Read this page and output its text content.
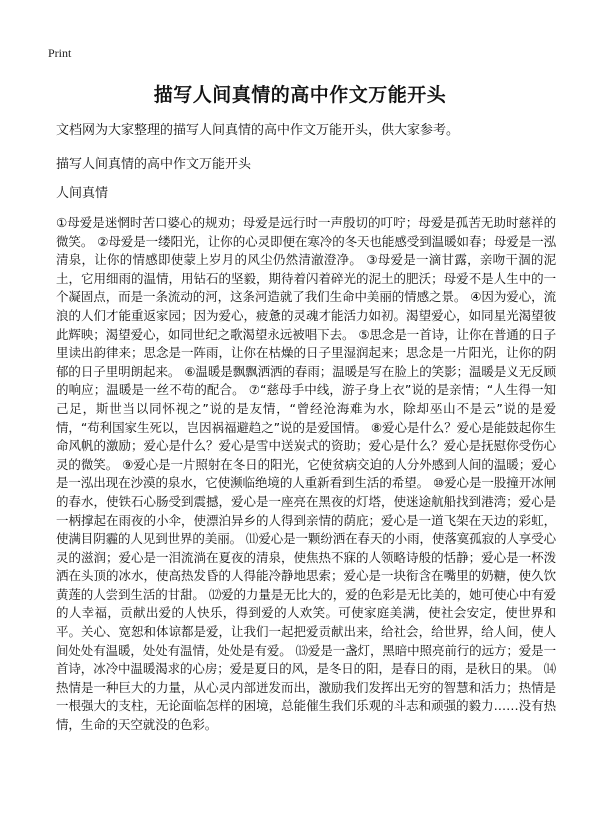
Print
描写人间真情的高中作文万能开头

文档网为大家整理的描写人间真情的高中作文万能开头，供大家参考。

描写人间真情的高中作文万能开头

人间真情

①母爱是迷惘时苦口婆心的规劝；母爱是远行时一声殷切的叮咛；母爱是孤苦无助时慈祥的微笑。 ②母爱是一缕阳光，让你的心灵即便在寒冷的冬天也能感受到温暖如春；母爱是一泓清泉，让你的情感即使蒙上岁月的风尘仍然清澈澄净。 ③母爱是一滴甘露，亲吻干涸的泥土，它用细雨的温情，用钻石的坚毅，期待着闪着碎光的泥土的肥沃；母爱不是人生中的一个凝固点，而是一条流动的河，这条河造就了我们生命中美丽的情感之景。 ④因为爱心，流浪的人们才能重返家园；因为爱心，疲惫的灵魂才能活力如初。渴望爱心，如同星光渴望彼此辉映；渴望爱心，如同世纪之歌渴望永远被唱下去。 ⑤思念是一首诗，让你在普通的日子里读出韵律来；思念是一阵雨，让你在枯燥的日子里湿润起来；思念是一片阳光，让你的阴郁的日子里明朗起来。 ⑥温暖是飘飘洒洒的春雨；温暖是写在脸上的笑影；温暖是义无反顾的响应；温暖是一丝不苟的配合。 ⑦“慈母手中线，游子身上衣”说的是亲情；“人生得一知己足，斯世当以同怀视之”说的是友情，“曾经沧海难为水，除却巫山不是云”说的是爱情，“苟利国家生死以，岂因祸福避趋之”说的是爱国情。 ⑧爱心是什么？爱心是能鼓起你生命风帆的激励；爱心是什么？爱心是雪中送炭式的资助；爱心是什么？爱心是抚慰你受伤心灵的微笑。 ⑨爱心是一片照射在冬日的阳光，它使贫病交迫的人分外感到人间的温暖；爱心是一泓出现在沙漠的泉水，它使濒临绝境的人重新看到生活的希望。 ⑩爱心是一股撞开冰闸的春水，使铁石心肠受到震撼，爱心是一座亮在黑夜的灯塔，使迷途航船找到港湾；爱心是一柄撑起在雨夜的小伞，使漂泊异乡的人得到亲情的荫庇；爱心是一道飞架在天边的彩虹，使满目阴霾的人见到世界的美丽。 ⑾爱心是一颗纷洒在春天的小雨，使落寞孤寂的人享受心灵的滋润；爱心是一泪流淌在夏夜的清泉，使焦热不寐的人领略诗般的恬静；爱心是一杯泼洒在头顶的冰水，使高热发昏的人得能冷静地思索；爱心是一块衔含在嘴里的奶糖，使久饮黄莲的人尝到生活的甘甜。 ⑿爱的力量是无比大的，爱的色彩是无比美的，她可使心中有爱的人幸福，贡献出爱的人快乐，得到爱的人欢笑。可使家庭美满，使社会安定，使世界和平。关心、宽恕和体谅都是爱，让我们一起把爱贡献出来，给社会，给世界，给人间，使人间处处有温暖，处处有温情，处处是有爱。 ⒀爱是一盏灯，黑暗中照亮前行的远方；爱是一首诗，冰冷中温暖渴求的心房；爱是夏日的风，是冬日的阳，是春日的雨，是秋日的果。 ⒁热情是一种巨大的力量，从心灵内部迸发而出，激励我们发挥出无穷的智慧和活力；热情是一根强大的支柱，无论面临怎样的困境，总能催生我们乐观的斗志和顽强的毅力……没有热情，生命的天空就没的色彩。
